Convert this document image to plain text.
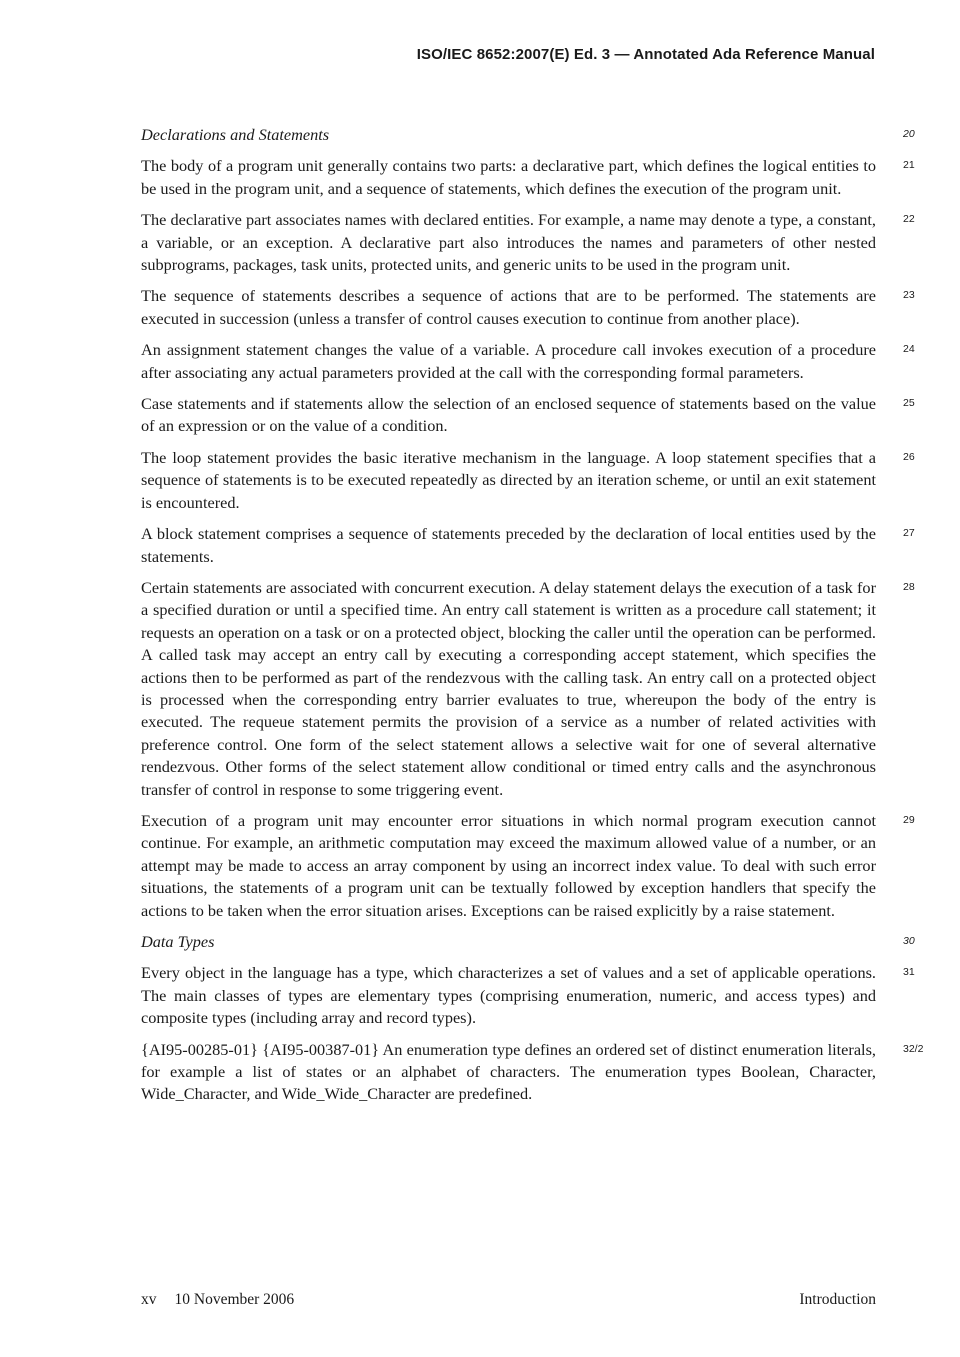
ISO/IEC 8652:2007(E) Ed. 3 — Annotated Ada Reference Manual
Declarations and Statements	20
The body of a program unit generally contains two parts: a declarative part, which defines the logical entities to be used in the program unit, and a sequence of statements, which defines the execution of the program unit.
21
The declarative part associates names with declared entities. For example, a name may denote a type, a constant, a variable, or an exception. A declarative part also introduces the names and parameters of other nested subprograms, packages, task units, protected units, and generic units to be used in the program unit.
22
The sequence of statements describes a sequence of actions that are to be performed. The statements are executed in succession (unless a transfer of control causes execution to continue from another place).
23
An assignment statement changes the value of a variable. A procedure call invokes execution of a procedure after associating any actual parameters provided at the call with the corresponding formal parameters.
24
Case statements and if statements allow the selection of an enclosed sequence of statements based on the value of an expression or on the value of a condition.
25
The loop statement provides the basic iterative mechanism in the language. A loop statement specifies that a sequence of statements is to be executed repeatedly as directed by an iteration scheme, or until an exit statement is encountered.
26
A block statement comprises a sequence of statements preceded by the declaration of local entities used by the statements.
27
Certain statements are associated with concurrent execution. A delay statement delays the execution of a task for a specified duration or until a specified time. An entry call statement is written as a procedure call statement; it requests an operation on a task or on a protected object, blocking the caller until the operation can be performed. A called task may accept an entry call by executing a corresponding accept statement, which specifies the actions then to be performed as part of the rendezvous with the calling task. An entry call on a protected object is processed when the corresponding entry barrier evaluates to true, whereupon the body of the entry is executed. The requeue statement permits the provision of a service as a number of related activities with preference control. One form of the select statement allows a selective wait for one of several alternative rendezvous. Other forms of the select statement allow conditional or timed entry calls and the asynchronous transfer of control in response to some triggering event.
28
Execution of a program unit may encounter error situations in which normal program execution cannot continue. For example, an arithmetic computation may exceed the maximum allowed value of a number, or an attempt may be made to access an array component by using an incorrect index value. To deal with such error situations, the statements of a program unit can be textually followed by exception handlers that specify the actions to be taken when the error situation arises. Exceptions can be raised explicitly by a raise statement.
29
Data Types	30
Every object in the language has a type, which characterizes a set of values and a set of applicable operations. The main classes of types are elementary types (comprising enumeration, numeric, and access types) and composite types (including array and record types).
31
{AI95-00285-01} {AI95-00387-01} An enumeration type defines an ordered set of distinct enumeration literals, for example a list of states or an alphabet of characters. The enumeration types Boolean, Character, Wide_Character, and Wide_Wide_Character are predefined.
32/2
xv 10 November 2006	Introduction
